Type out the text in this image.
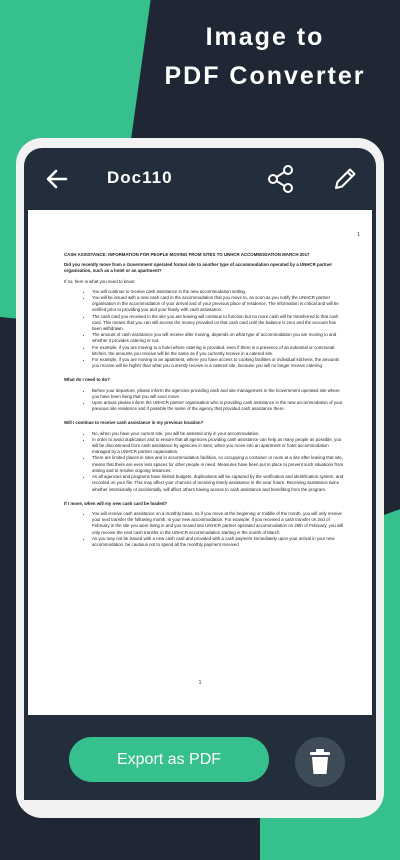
Image to
PDF Converter
Doc110
1

CASH ASSISTANCE: INFORMATION FOR PEOPLE MOVING FROM SITES TO UNHCR ACCOMMODATION MARCH 2017

Did you recently move from a Government operated formal site to another type of accommodation operated by a UNHCR partner organisation, such as a hotel or an apartment?

If so, here is what you need to know:

• You will continue to receive cash assistance in the new accommodation setting.
• You will be issued with a new cash card in the accommodation that you move to, as soon as you notify the UNHCR partner organisation in the accommodation of your arrival and of your previous place of residence. The information is critical and will be verified prior to providing you and your family with cash assistance.
• The cash card you received in the site you are leaving will continue to function but no more cash will be transferred to that cash card. This means that you can still access the money provided on that cash card until the balance is zero and the account has been withdrawn.
• The amount of cash assistance you will receive after moving, depends on what type of accommodation you are moving to and whether it provides catering or not.
• For example, if you are moving to a hotel where catering is provided, even if there is a presence of an industrial or communal kitchen, the amounts you receive will be the same as if you currently receive in a catered site.
• For example, if you are moving to an apartment, where you have access to cooking facilities or individual kitchens, the amounts you receive will be higher than what you currently receive in a catered site, because you will no longer receive catering.

What do I need to do?

• Before your departure, please inform the agencies providing cash and site management in the Government operated site where you have been living that you will soon move.
• Upon arrival, please inform the UNHCR partner organisation who is providing cash assistance in the new accommodation of your previous site residence and if possible the name of the agency that provided cash assistance there.

Will I continue to receive cash assistance in my previous location?

• No, when you have your current site, you will be assisted only in your accommodation.
• In order to avoid duplication and to ensure that all agencies providing cash assistance can help as many people as possible, you will be discontinued from cash assistance by agencies in sites, when you move into an apartment or hotel accommodation managed by a UNHCR partner organisation.
• There are limited places in sites and in accommodation facilities, so occupying a container or room at a site after leaving that site, means that there are even less spaces for other people in need. Measures have been put in place to prevent such situations from arising and to resolve ongoing instances.
• As all agencies and programs have limited budgets, duplications will be captured by the verification and identification system, and recorded on your file. This may affect your chances of receiving timely assistance in the near future. Receiving assistance twice whether intentionally or accidentally, will affect others having access to cash assistance and benefiting from the program.

If I move, when will my new cash card be loaded?

• You will receive cash assistance on a monthly basis, so if you move at the beginning or middle of the month, you will only receive your next transfer the following month, in your new accommodation. For example: if you received a cash transfer on 2nd of February in the site you were living in and you moved into UNHCR partner operated accommodation on 25th of February, you will only receive the next cash transfer in the UNHCR accommodation starting in the month of March.
• As you may not be issued with a new cash card and provided with a cash payment immediately upon your arrival in your new accommodation, be cautious not to spend all the monthly payment received
1
Export as PDF
